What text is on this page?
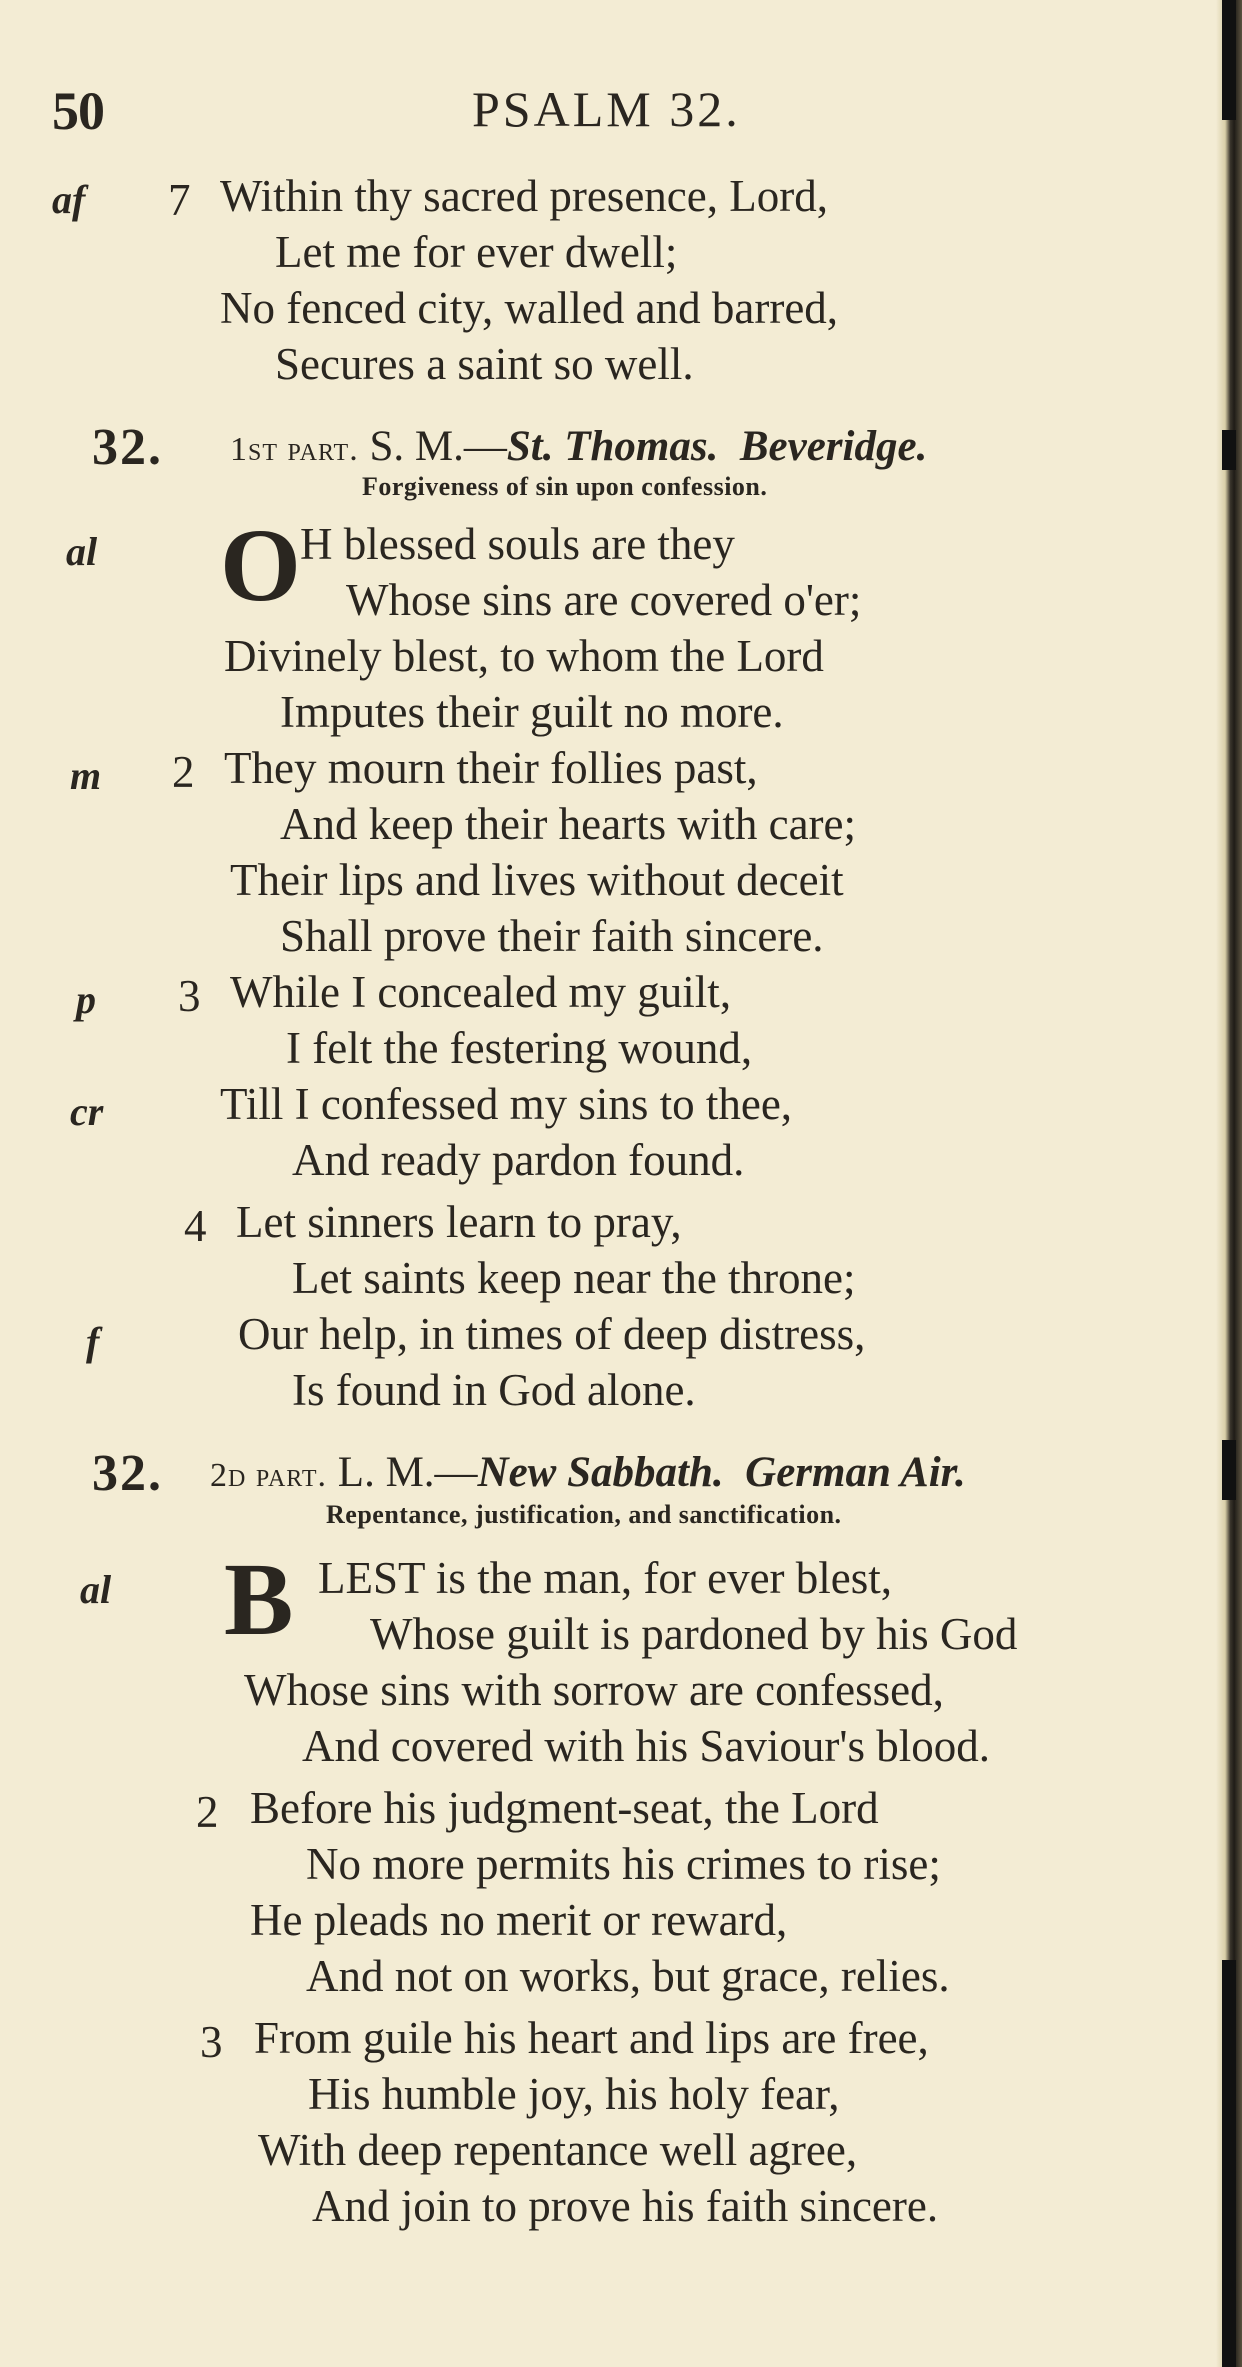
50	PSALM 32.
af 7 Within thy sacred presence, Lord,
Let me for ever dwell;
No fenced city, walled and barred,
Secures a saint so well.
32. 1st part. S. M.—St. Thomas. Beveridge.
Forgiveness of sin upon confession.
al O H blessed souls are they
Whose sins are covered o'er;
Divinely blest, to whom the Lord
Imputes their guilt no more.
m 2 They mourn their follies past,
And keep their hearts with care;
Their lips and lives without deceit
Shall prove their faith sincere.
p 3 While I concealed my guilt,
I felt the festering wound,
cr	Till I confessed my sins to thee,
And ready pardon found.
4 Let sinners learn to pray,
Let saints keep near the throne;
f	Our help, in times of deep distress,
Is found in God alone.
32. 2d part. L. M.—New Sabbath. German Air.
Repentance, justification, and sanctification.
al B LEST is the man, for ever blest,
Whose guilt is pardoned by his God
Whose sins with sorrow are confessed,
And covered with his Saviour's blood.
2 Before his judgment-seat, the Lord
No more permits his crimes to rise;
He pleads no merit or reward,
And not on works, but grace, relies.
3 From guile his heart and lips are free,
His humble joy, his holy fear,
With deep repentance well agree,
And join to prove his faith sincere.
